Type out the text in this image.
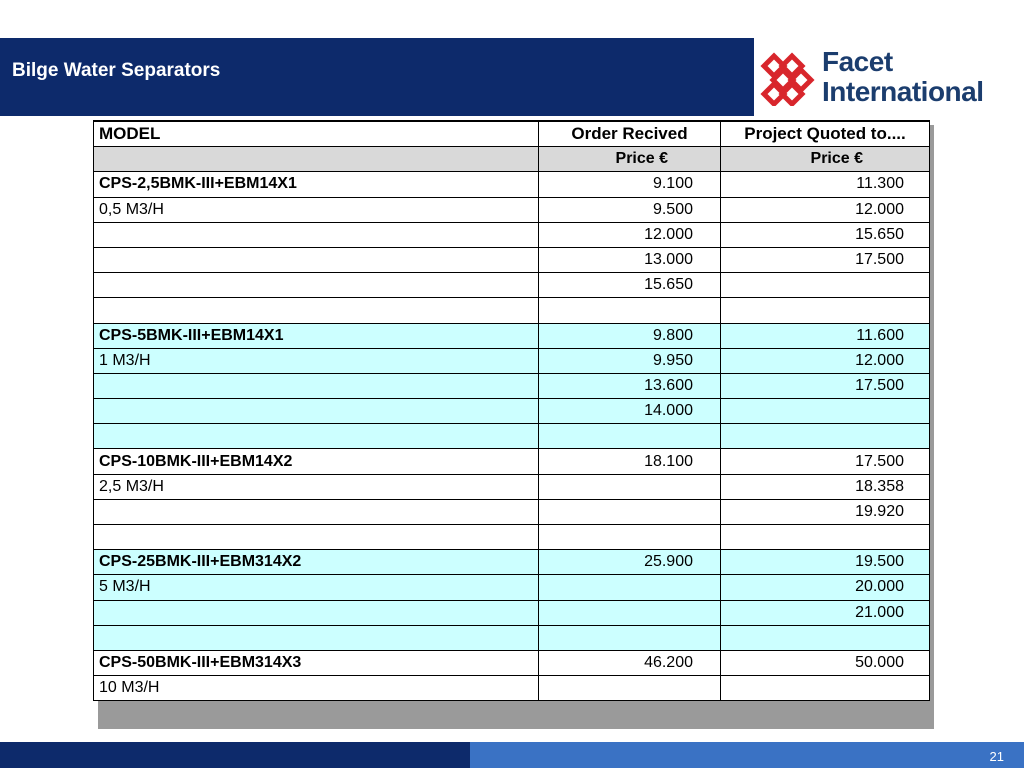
Bilge Water Separators	Facet
International
MODEL	Order Recived	Project Quoted to....
	Price €	Price €
CPS-2,5BMK-III+EBM14X1	9.100	11.300
0,5 M3/H	9.500	12.000
	12.000	15.650
	13.000	17.500
	15.650	

CPS-5BMK-III+EBM14X1	9.800	11.600
1 M3/H	9.950	12.000
	13.600	17.500
	14.000	

CPS-10BMK-III+EBM14X2	18.100	17.500
2,5 M3/H		18.358
		19.920

CPS-25BMK-III+EBM314X2	25.900	19.500
5 M3/H		20.000
		21.000

CPS-50BMK-III+EBM314X3	46.200	50.000
10 M3/H		
21
